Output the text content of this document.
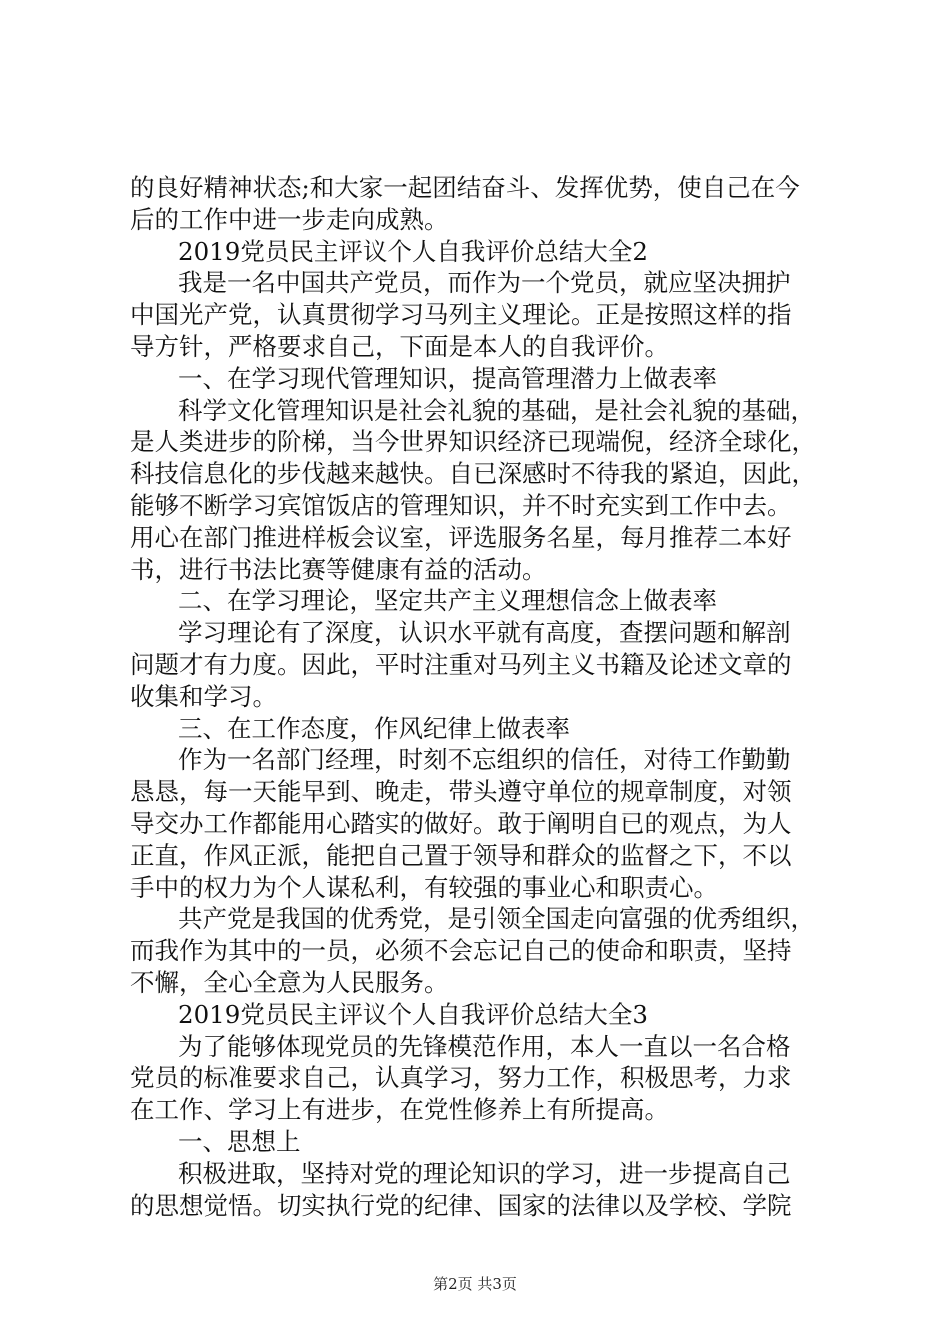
的良好精神状态;和大家一起团结奋斗、发挥优势，使自己在今
后的工作中进一步走向成熟。
2019党员民主评议个人自我评价总结大全2
我是一名中国共产党员，而作为一个党员，就应坚决拥护
中国光产党，认真贯彻学习马列主义理论。正是按照这样的指
导方针，严格要求自己，下面是本人的自我评价。
一、在学习现代管理知识，提高管理潜力上做表率
科学文化管理知识是社会礼貌的基础，是社会礼貌的基础，
是人类进步的阶梯，当今世界知识经济已现端倪，经济全球化，
科技信息化的步伐越来越快。自已深感时不待我的紧迫，因此，
能够不断学习宾馆饭店的管理知识，并不时充实到工作中去。
用心在部门推进样板会议室，评选服务名星，每月推荐二本好
书，进行书法比赛等健康有益的活动。
二、在学习理论，坚定共产主义理想信念上做表率
学习理论有了深度，认识水平就有高度，查摆问题和解剖
问题才有力度。因此，平时注重对马列主义书籍及论述文章的
收集和学习。
三、在工作态度，作风纪律上做表率
作为一名部门经理，时刻不忘组织的信任，对待工作勤勤
恳恳，每一天能早到、晚走，带头遵守单位的规章制度，对领
导交办工作都能用心踏实的做好。敢于阐明自已的观点，为人
正直，作风正派，能把自己置于领导和群众的监督之下，不以
手中的权力为个人谋私利，有较强的事业心和职责心。
共产党是我国的优秀党，是引领全国走向富强的优秀组织，
而我作为其中的一员，必须不会忘记自己的使命和职责，坚持
不懈，全心全意为人民服务。
2019党员民主评议个人自我评价总结大全3
为了能够体现党员的先锋模范作用，本人一直以一名合格
党员的标准要求自己，认真学习，努力工作，积极思考，力求
在工作、学习上有进步，在党性修养上有所提高。
一、思想上
积极进取，坚持对党的理论知识的学习，进一步提高自己
的思想觉悟。切实执行党的纪律、国家的法律以及学校、学院
第2页 共3页
